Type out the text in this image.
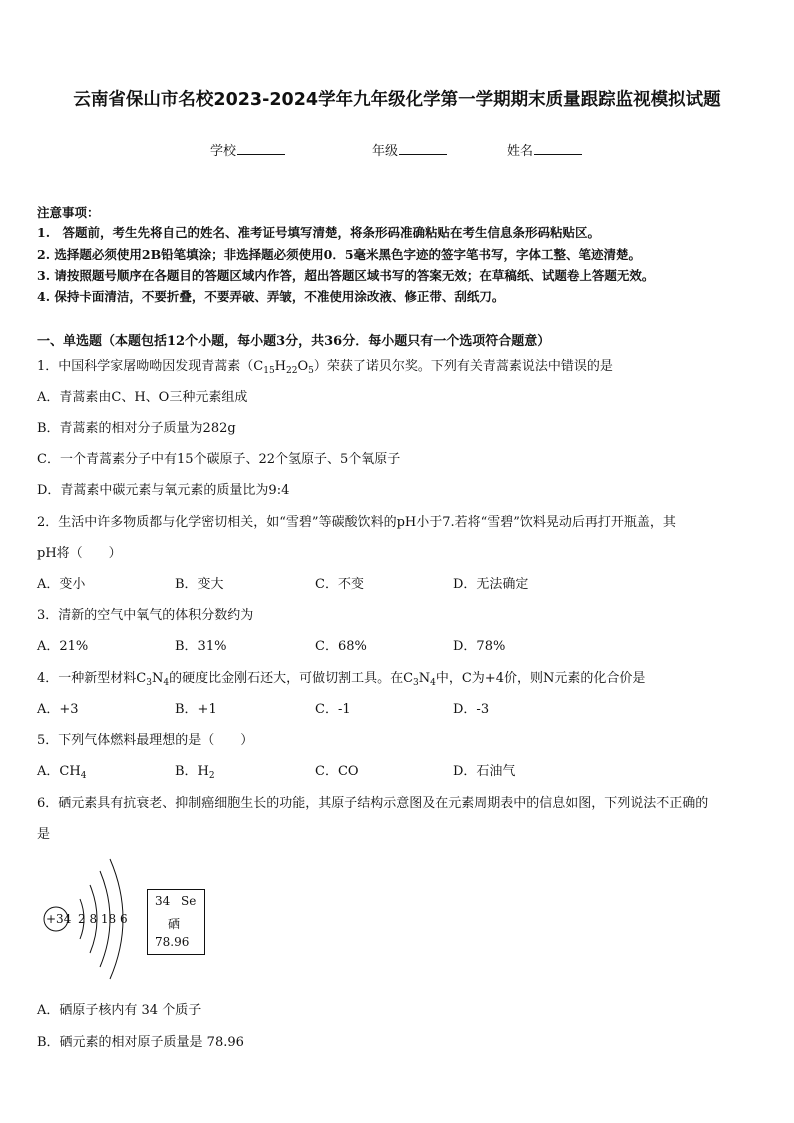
云南省保山市名校2023-2024学年九年级化学第一学期期末质量跟踪监视模拟试题
学校	年级	姓名
注意事项：
1.　答题前，考生先将自己的姓名、准考证号填写清楚，将条形码准确粘贴在考生信息条形码粘贴区。
2. 选择题必须使用2B铅笔填涂；非选择题必须使用0．5毫米黑色字迹的签字笔书写，字体工整、笔迹清楚。
3. 请按照题号顺序在各题目的答题区域内作答，超出答题区域书写的答案无效；在草稿纸、试题卷上答题无效。
4. 保持卡面清洁，不要折叠，不要弄破、弄皱，不准使用涂改液、修正带、刮纸刀。
一、单选题（本题包括12个小题，每小题3分，共36分．每小题只有一个选项符合题意）
1．中国科学家屠呦呦因发现青蒿素$(C_{15}H_{22}O_5)$荣获了诺贝尔奖。下列有关青蒿素说法中错误的是
A．青蒿素由C、H、O三种元素组成
B．青蒿素的相对分子质量为282g
C．一个青蒿素分子中有15个碳原子、22个氢原子、5个氧原子
D．青蒿素中碳元素与氧元素的质量比为9:4
2．生活中许多物质都与化学密切相关，如“雪碧”等碳酸饮料的pH小于7.若将“雪碧”饮料晃动后再打开瓶盖，其
pH将（　　）
A．变小	B．变大	C．不变	D．无法确定
3．清新的空气中氧气的体积分数约为
A．21%	B．31%	C．68%	D．78%
4．一种新型材料$C_3N_4$的硬度比金刚石还大，可做切割工具。在$C_3N_4$中，C为+4价，则N元素的化合价是
A．+3	B．+1	C．-1	D．-3
5．下列气体燃料最理想的是（　　）
A．$CH_4$	B．$H_2$	C．CO	D．石油气
6．硒元素具有抗衰老、抑制癌细胞生长的功能，其原子结构示意图及在元素周期表中的信息如图，下列说法不正确的
是
+34 2 8 18 6
34 Se
硒
78.96
A．硒原子核内有 34 个质子
B．硒元素的相对原子质量是 78.96
